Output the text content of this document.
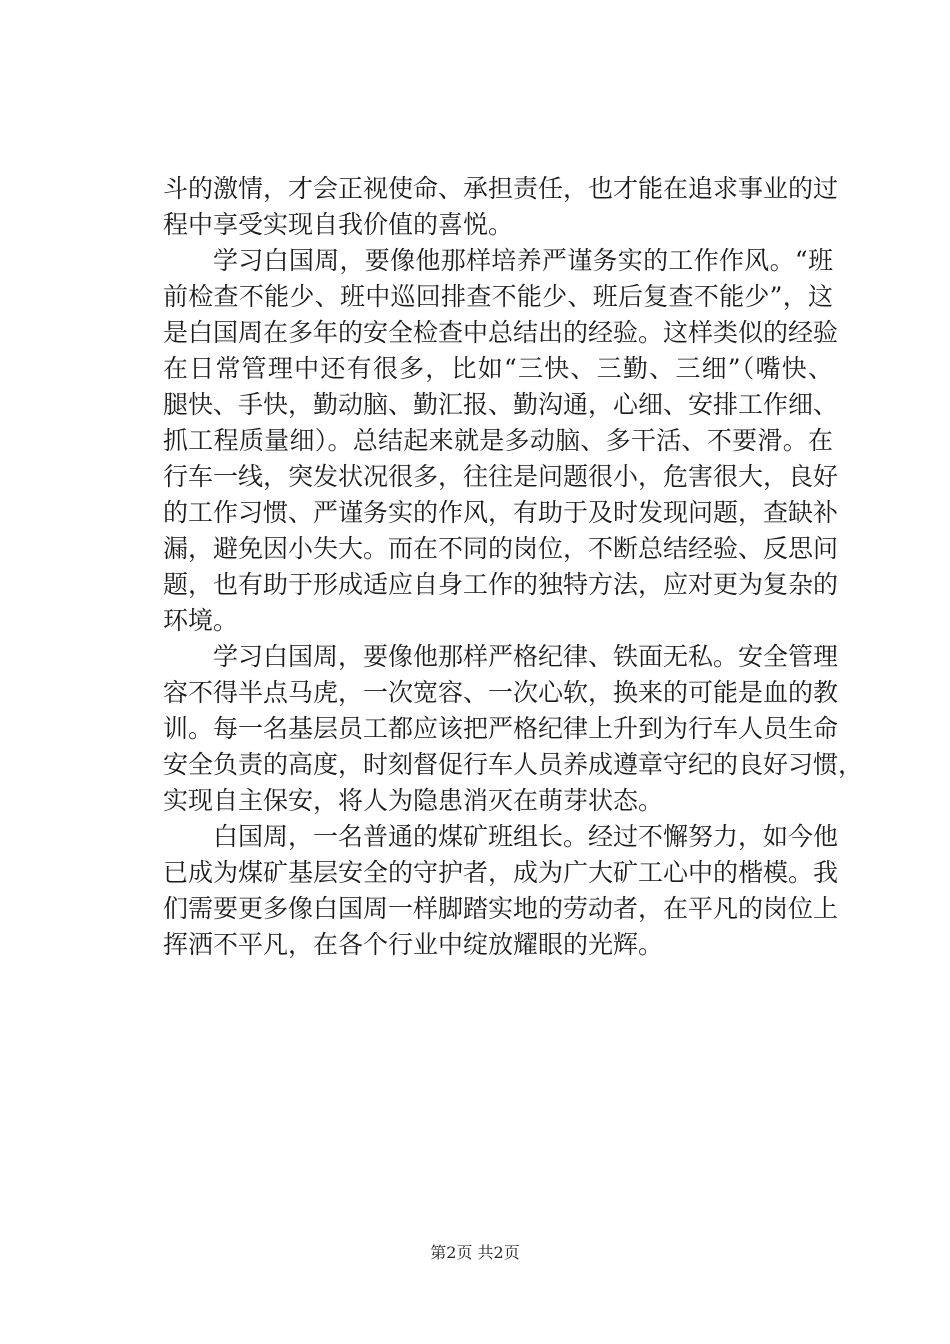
斗的激情，才会正视使命、承担责任，也才能在追求事业的过
程中享受实现自我价值的喜悦。
学习白国周，要像他那样培养严谨务实的工作作风。“班
前检查不能少、班中巡回排查不能少、班后复查不能少”，这
是白国周在多年的安全检查中总结出的经验。这样类似的经验
在日常管理中还有很多，比如“三快、三勤、三细”（嘴快、
腿快、手快，勤动脑、勤汇报、勤沟通，心细、安排工作细、
抓工程质量细）。总结起来就是多动脑、多干活、不要滑。在
行车一线，突发状况很多，往往是问题很小，危害很大，良好
的工作习惯、严谨务实的作风，有助于及时发现问题，查缺补
漏，避免因小失大。而在不同的岗位，不断总结经验、反思问
题，也有助于形成适应自身工作的独特方法，应对更为复杂的
环境。
学习白国周，要像他那样严格纪律、铁面无私。安全管理
容不得半点马虎，一次宽容、一次心软，换来的可能是血的教
训。每一名基层员工都应该把严格纪律上升到为行车人员生命
安全负责的高度，时刻督促行车人员养成遵章守纪的良好习惯，
实现自主保安，将人为隐患消灭在萌芽状态。
白国周，一名普通的煤矿班组长。经过不懈努力，如今他
已成为煤矿基层安全的守护者，成为广大矿工心中的楷模。我
们需要更多像白国周一样脚踏实地的劳动者，在平凡的岗位上
挥洒不平凡，在各个行业中绽放耀眼的光辉。
第2页 共2页
